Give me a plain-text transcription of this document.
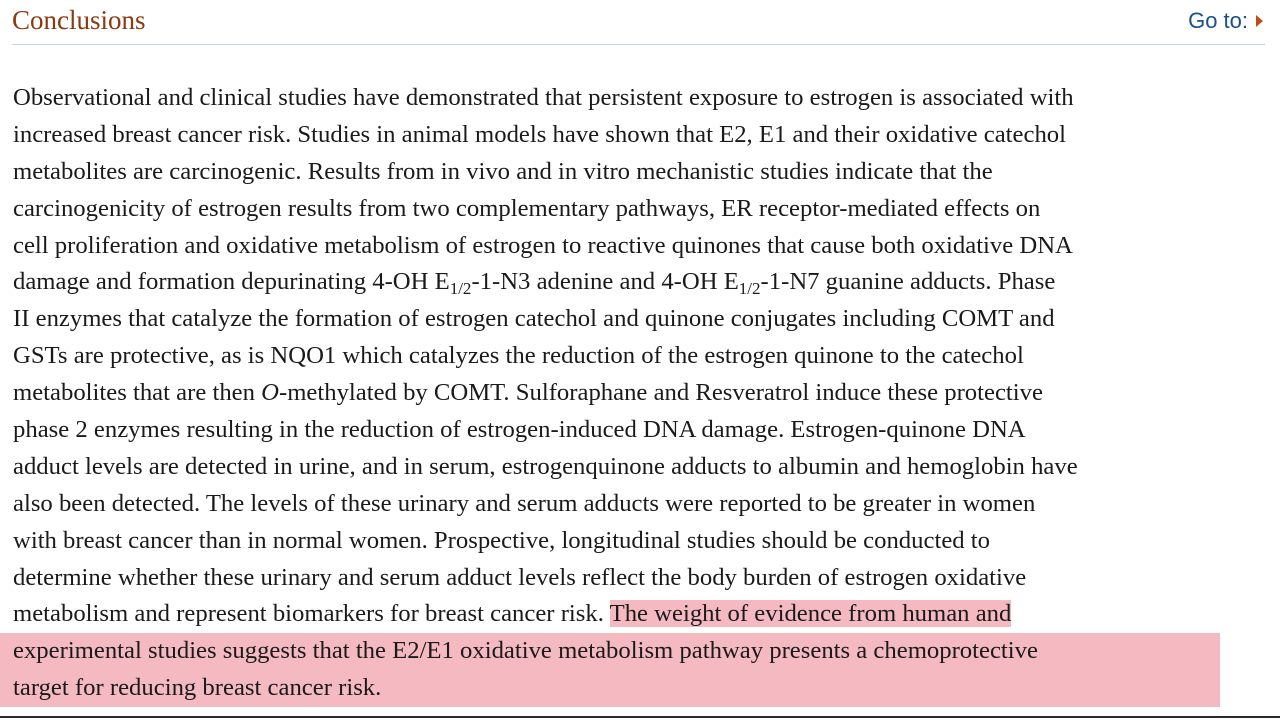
Conclusions	Go to:

Observational and clinical studies have demonstrated that persistent exposure to estrogen is associated with
increased breast cancer risk. Studies in animal models have shown that E2, E1 and their oxidative catechol
metabolites are carcinogenic. Results from in vivo and in vitro mechanistic studies indicate that the
carcinogenicity of estrogen results from two complementary pathways, ER receptor-mediated effects on
cell proliferation and oxidative metabolism of estrogen to reactive quinones that cause both oxidative DNA
damage and formation depurinating 4-OH $E_{1/2}-1-N3$ adenine and 4-OH $E_{1/2}-1-N7$ guanine adducts. Phase
II enzymes that catalyze the formation of estrogen catechol and quinone conjugates including COMT and
GSTs are protective, as is NQO1 which catalyzes the reduction of the estrogen quinone to the catechol
metabolites that are then O-methylated by COMT. Sulforaphane and Resveratrol induce these protective
phase 2 enzymes resulting in the reduction of estrogen-induced DNA damage. Estrogen-quinone DNA
adduct levels are detected in urine, and in serum, estrogenquinone adducts to albumin and hemoglobin have
also been detected. The levels of these urinary and serum adducts were reported to be greater in women
with breast cancer than in normal women. Prospective, longitudinal studies should be conducted to
determine whether these urinary and serum adduct levels reflect the body burden of estrogen oxidative
metabolism and represent biomarkers for breast cancer risk. The weight of evidence from human and
experimental studies suggests that the E2/E1 oxidative metabolism pathway presents a chemoprotective
target for reducing breast cancer risk.
